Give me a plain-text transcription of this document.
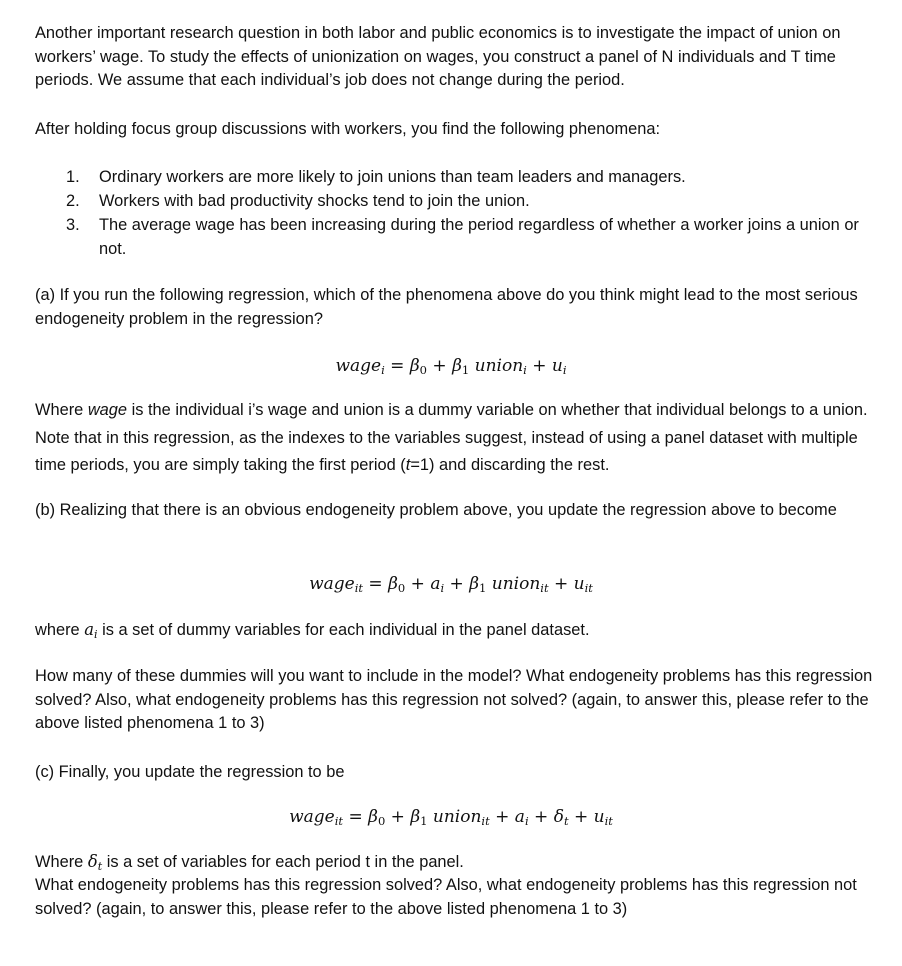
Another important research question in both labor and public economics is to investigate the impact of union on workers’ wage. To study the effects of unionization on wages, you construct a panel of N individuals and T time periods. We assume that each individual’s job does not change during the period.
After holding focus group discussions with workers, you find the following phenomena:
1. Ordinary workers are more likely to join unions than team leaders and managers.
2. Workers with bad productivity shocks tend to join the union.
3. The average wage has been increasing during the period regardless of whether a worker joins a union or not.
(a) If you run the following regression, which of the phenomena above do you think might lead to the most serious endogeneity problem in the regression?
wage$_i$ = $\beta_0 + \beta_1$ union$_i$ + $u_i$
Where wage is the individual i’s wage and union is a dummy variable on whether that individual belongs to a union. Note that in this regression, as the indexes to the variables suggest, instead of using a panel dataset with multiple time periods, you are simply taking the first period (t=1) and discarding the rest.
(b) Realizing that there is an obvious endogeneity problem above, you update the regression above to become
wage$_{it}$ = $\beta_0 + a_i + \beta_1$ union$_{it}$ + $u_{it}$
where $a_i$ is a set of dummy variables for each individual in the panel dataset.
How many of these dummies will you want to include in the model? What endogeneity problems has this regression solved? Also, what endogeneity problems has this regression not solved? (again, to answer this, please refer to the above listed phenomena 1 to 3)
(c) Finally, you update the regression to be
wage$_{it}$ = $\beta_0 + \beta_1$ union$_{it}$ + $a_i + \delta_t + u_{it}$
Where $\delta_t$ is a set of variables for each period t in the panel.
What endogeneity problems has this regression solved? Also, what endogeneity problems has this regression not solved? (again, to answer this, please refer to the above listed phenomena 1 to 3)
